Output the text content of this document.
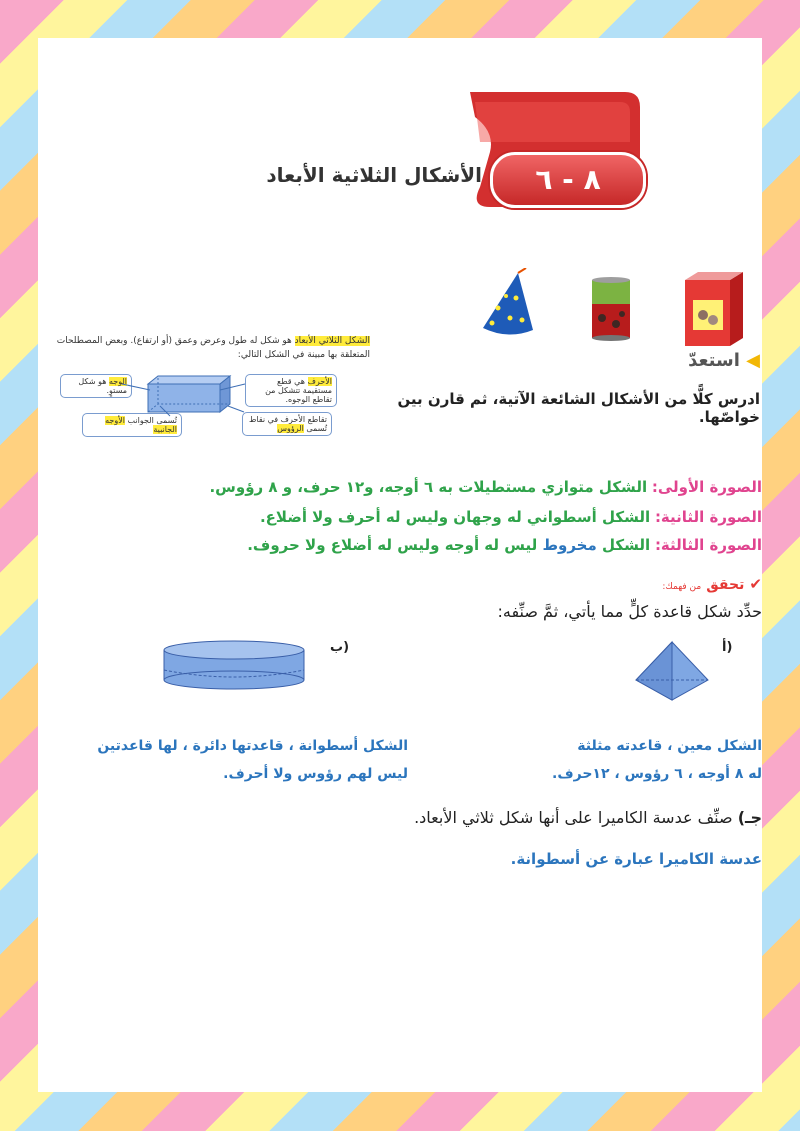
٨ - ٦
الأشكال الثلاثية الأبعاد
الشكل الثلاثي الأبعاد هو شكل له طول وعرض وعمق (أو ارتفاع). وبعض المصطلحات المتعلقة بها مبينة في الشكل التالي:
الوجه هو شكل مستوٍ.
الأحرف هي قطع مستقيمة تتشكل من تقاطع الوجوه.
تُسمى الجوانب الأوجه الجانبية
تقاطع الأحرف في نقاط تُسمى الرؤوس
◀ استعدّ
ادرس كلًّا من الأشكال الشائعة الآتية، ثم قارن بين خواصّها.
الصورة الأولى: الشكل متوازي مستطيلات به ٦ أوجه، و١٢ حرف، و ٨ رؤوس.
الصورة الثانية: الشكل أسطواني له وجهان وليس له أحرف ولا أضلاع.
الصورة الثالثة: الشكل مخروط ليس له أوجه وليس له أضلاع ولا حروف.
✔ تحقق من فهمك:
حدِّد شكل قاعدة كلٍّ مما يأتي، ثمَّ صنِّفه:
أ)
ب)
الشكل معين ، قاعدته مثلثة
له ٨ أوجه ، ٦ رؤوس ، ١٢حرف.
الشكل أسطوانة ، قاعدتها دائرة ، لها قاعدتين
ليس لهم رؤوس ولا أحرف.
جـ) صنِّف عدسة الكاميرا على أنها شكل ثلاثي الأبعاد.
عدسة الكاميرا عبارة عن أسطوانة.
